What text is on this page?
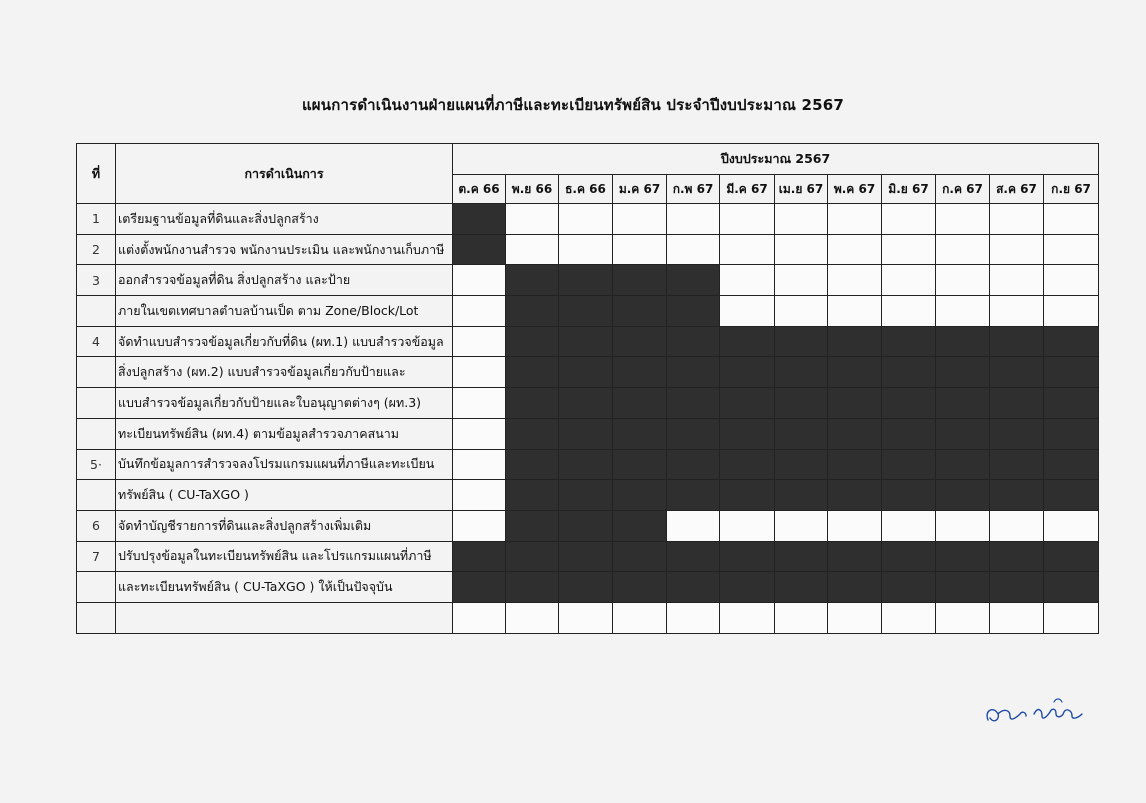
แผนการดำเนินงานฝ่ายแผนที่ภาษีและทะเบียนทรัพย์สิน ประจำปีงบประมาณ 2567
ที่	การดำเนินการ	ปีงบประมาณ 2567											
		ต.ค 66	พ.ย 66	ธ.ค 66	ม.ค 67	ก.พ 67	มี.ค 67	เม.ย 67	พ.ค 67	มิ.ย 67	ก.ค 67	ส.ค 67	ก.ย 67
1	เตรียมฐานข้อมูลที่ดินและสิ่งปลูกสร้าง												
2	แต่งตั้งพนักงานสำรวจ พนักงานประเมิน และพนักงานเก็บภาษี												
3	ออกสำรวจข้อมูลที่ดิน สิ่งปลูกสร้าง และป้าย												
	ภายในเขตเทศบาลตำบลบ้านเป็ด ตาม Zone/Block/Lot												
4	จัดทำแบบสำรวจข้อมูลเกี่ยวกับที่ดิน (ผท.1) แบบสำรวจข้อมูล												
	สิ่งปลูกสร้าง (ผท.2) แบบสำรวจข้อมูลเกี่ยวกับป้ายและ												
	แบบสำรวจข้อมูลเกี่ยวกับป้ายและใบอนุญาตต่างๆ (ผท.3)												
	ทะเบียนทรัพย์สิน (ผท.4) ตามข้อมูลสำรวจภาคสนาม												
5·	บันทึกข้อมูลการสำรวจลงโปรมแกรมแผนที่ภาษีและทะเบียน												
	ทรัพย์สิน ( CU-TaXGO )												
6	จัดทำบัญชีรายการที่ดินและสิ่งปลูกสร้างเพิ่มเติม												
7	ปรับปรุงข้อมูลในทะเบียนทรัพย์สิน และโปรแกรมแผนที่ภาษี												
	และทะเบียนทรัพย์สิน ( CU-TaXGO ) ให้เป็นปัจจุบัน												
